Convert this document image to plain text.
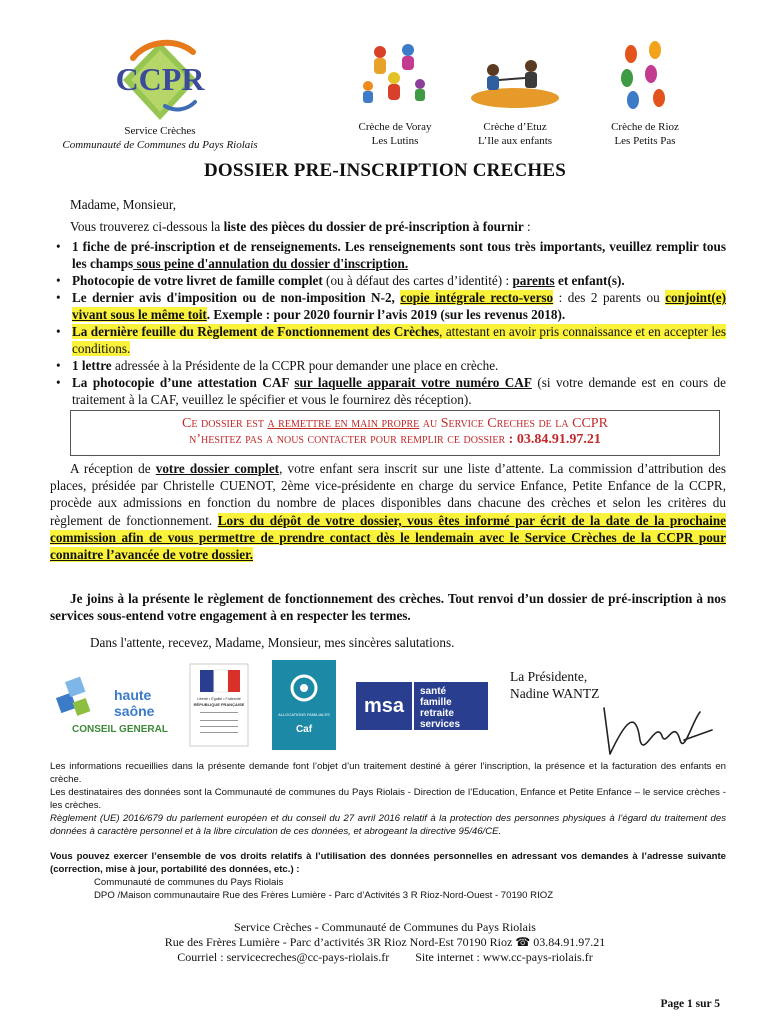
CCPR
Service Crèches
Communauté de Communes du Pays Riolais
Crèche de Voray
Les Lutins
Crèche d’Etuz
L’Ile aux enfants
Crèche de Rioz
Les Petits Pas
DOSSIER PRE-INSCRIPTION CRECHES
Madame, Monsieur,
Vous trouverez ci-dessous la liste des pièces du dossier de pré-inscription à fournir :
• 1 fiche de pré-inscription et de renseignements. Les renseignements sont tous très importants, veuillez remplir tous les champs sous peine d'annulation du dossier d'inscription.
• Photocopie de votre livret de famille complet (ou à défaut des cartes d’identité) : parents et enfant(s).
• Le dernier avis d'imposition ou de non-imposition N-2, copie intégrale recto-verso : des 2 parents ou conjoint(e) vivant sous le même toit. Exemple : pour 2020 fournir l’avis 2019 (sur les revenus 2018).
• La dernière feuille du Règlement de Fonctionnement des Crèches, attestant en avoir pris connaissance et en accepter les conditions.
• 1 lettre adressée à la Présidente de la CCPR pour demander une place en crèche.
• La photocopie d’une attestation CAF sur laquelle apparait votre numéro CAF (si votre demande est en cours de traitement à la CAF, veuillez le spécifier et vous le fournirez dès réception).
Ce dossier est a remettre en main propre au Service Creches de la CCPR
n’hesitez pas a nous contacter pour remplir ce dossier : 03.84.91.97.21
A réception de votre dossier complet, votre enfant sera inscrit sur une liste d’attente. La commission d’attribution des places, présidée par Christelle CUENOT, 2ème vice-présidente en charge du service Enfance, Petite Enfance de la CCPR, procède aux admissions en fonction du nombre de places disponibles dans chacune des crèches et selon les critères du règlement de fonctionnement. Lors du dépôt de votre dossier, vous êtes informé par écrit de la date de la prochaine commission afin de vous permettre de prendre contact dès le lendemain avec le Service Crèches de la CCPR pour connaitre l’avancée de votre dossier.
Je joins à la présente le règlement de fonctionnement des crèches. Tout renvoi d’un dossier de pré-inscription à nos services sous-entend votre engagement à en respecter les termes.
Dans l'attente, recevez, Madame, Monsieur, mes sincères salutations.
haute
saône
CONSEIL GENERAL
Liberté • Égalité • Fraternité
RÉPUBLIQUE FRANÇAISE
ALLOCATIONS FAMILIALES
Caf
msa
santé
famille
retraite
services
La Présidente,
Nadine WANTZ
Les informations recueillies dans la présente demande font l’objet d’un traitement destiné à gérer l’inscription, la présence et la facturation des enfants en crèche.
Les destinataires des données sont la Communauté de communes du Pays Riolais - Direction de l’Education, Enfance et Petite Enfance – le service crèches - les crèches.
Règlement (UE) 2016/679 du parlement européen et du conseil du 27 avril 2016 relatif à la protection des personnes physiques à l’égard du traitement des données à caractère personnel et à la libre circulation de ces données, et abrogeant la directive 95/46/CE.
Vous pouvez exercer l’ensemble de vos droits relatifs à l’utilisation des données personnelles en adressant vos demandes à l’adresse suivante (correction, mise à jour, portabilité des données, etc.) :
Communauté de communes du Pays Riolais
DPO /Maison communautaire Rue des Frères Lumière - Parc d’Activités 3 R Rioz-Nord-Ouest - 70190 RIOZ
Service Crèches - Communauté de Communes du Pays Riolais
Rue des Frères Lumière - Parc d’activités 3R Rioz Nord-Est 70190 Rioz ☎ 03.84.91.97.21
Courriel : servicecreches@cc-pays-riolais.fr Site internet : www.cc-pays-riolais.fr
Page 1 sur 5
